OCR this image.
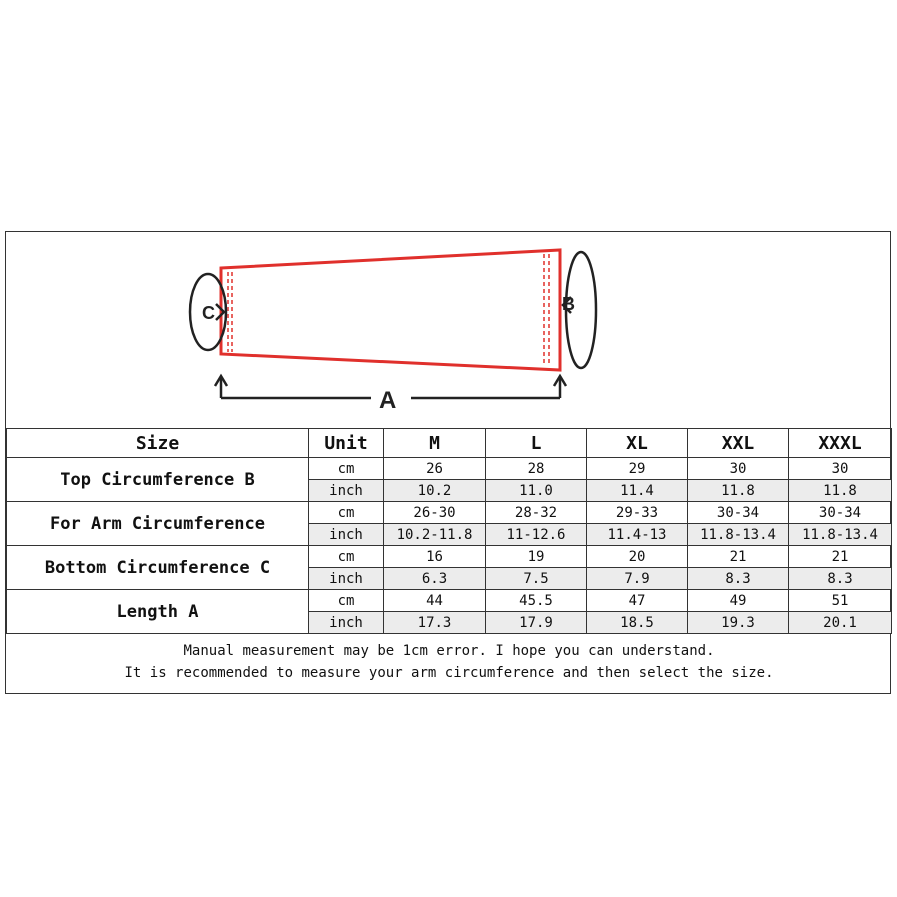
C	B
A
Size	Unit	M	L	XL	XXL	XXXL
Top Circumference B	cm	26	28	29	30	30
	inch	10.2	11.0	11.4	11.8	11.8
For Arm Circumference	cm	26-30	28-32	29-33	30-34	30-34
	inch	10.2-11.8	11-12.6	11.4-13	11.8-13.4	11.8-13.4
Bottom Circumference C	cm	16	19	20	21	21
	inch	6.3	7.5	7.9	8.3	8.3
Length A	cm	44	45.5	47	49	51
	inch	17.3	17.9	18.5	19.3	20.1

Manual measurement may be 1cm error. I hope you can understand.
It is recommended to measure your arm circumference and then select the size.						
